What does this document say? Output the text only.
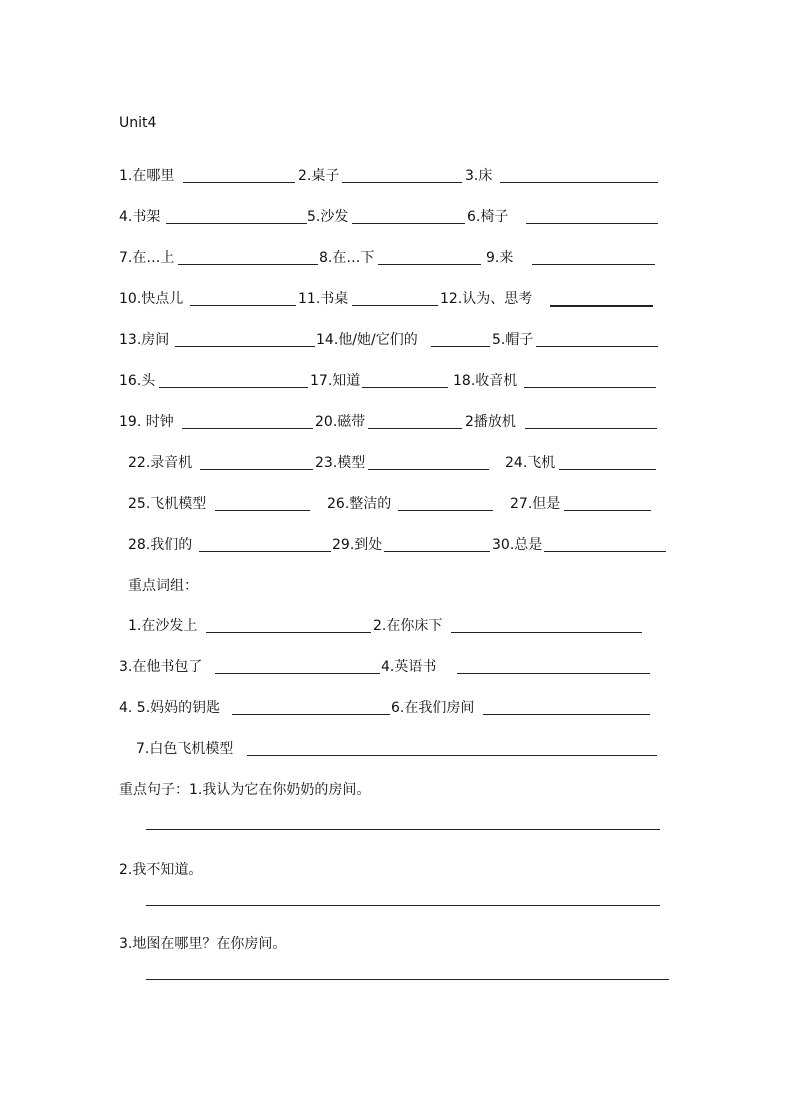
Unit4
1.在哪里	2.桌子	3.床
4.书架	5.沙发	6.椅子
7.在…上	8.在…下	9.来
10.快点儿	11.书桌	12.认为、思考
13.房间	14.他/她/它们的	5.帽子
16.头	17.知道	18.收音机
19. 时钟	20.磁带	2播放机
22.录音机	23.模型	24.飞机
25.飞机模型	26.整洁的	27.但是
28.我们的	29.到处	30.总是
重点词组：
1.在沙发上	2.在你床下
3.在他书包了	4.英语书
4. 5.妈妈的钥匙	6.在我们房间
7.白色飞机模型
重点句子：1.我认为它在你奶奶的房间。
2.我不知道。
3.地图在哪里？在你房间。
